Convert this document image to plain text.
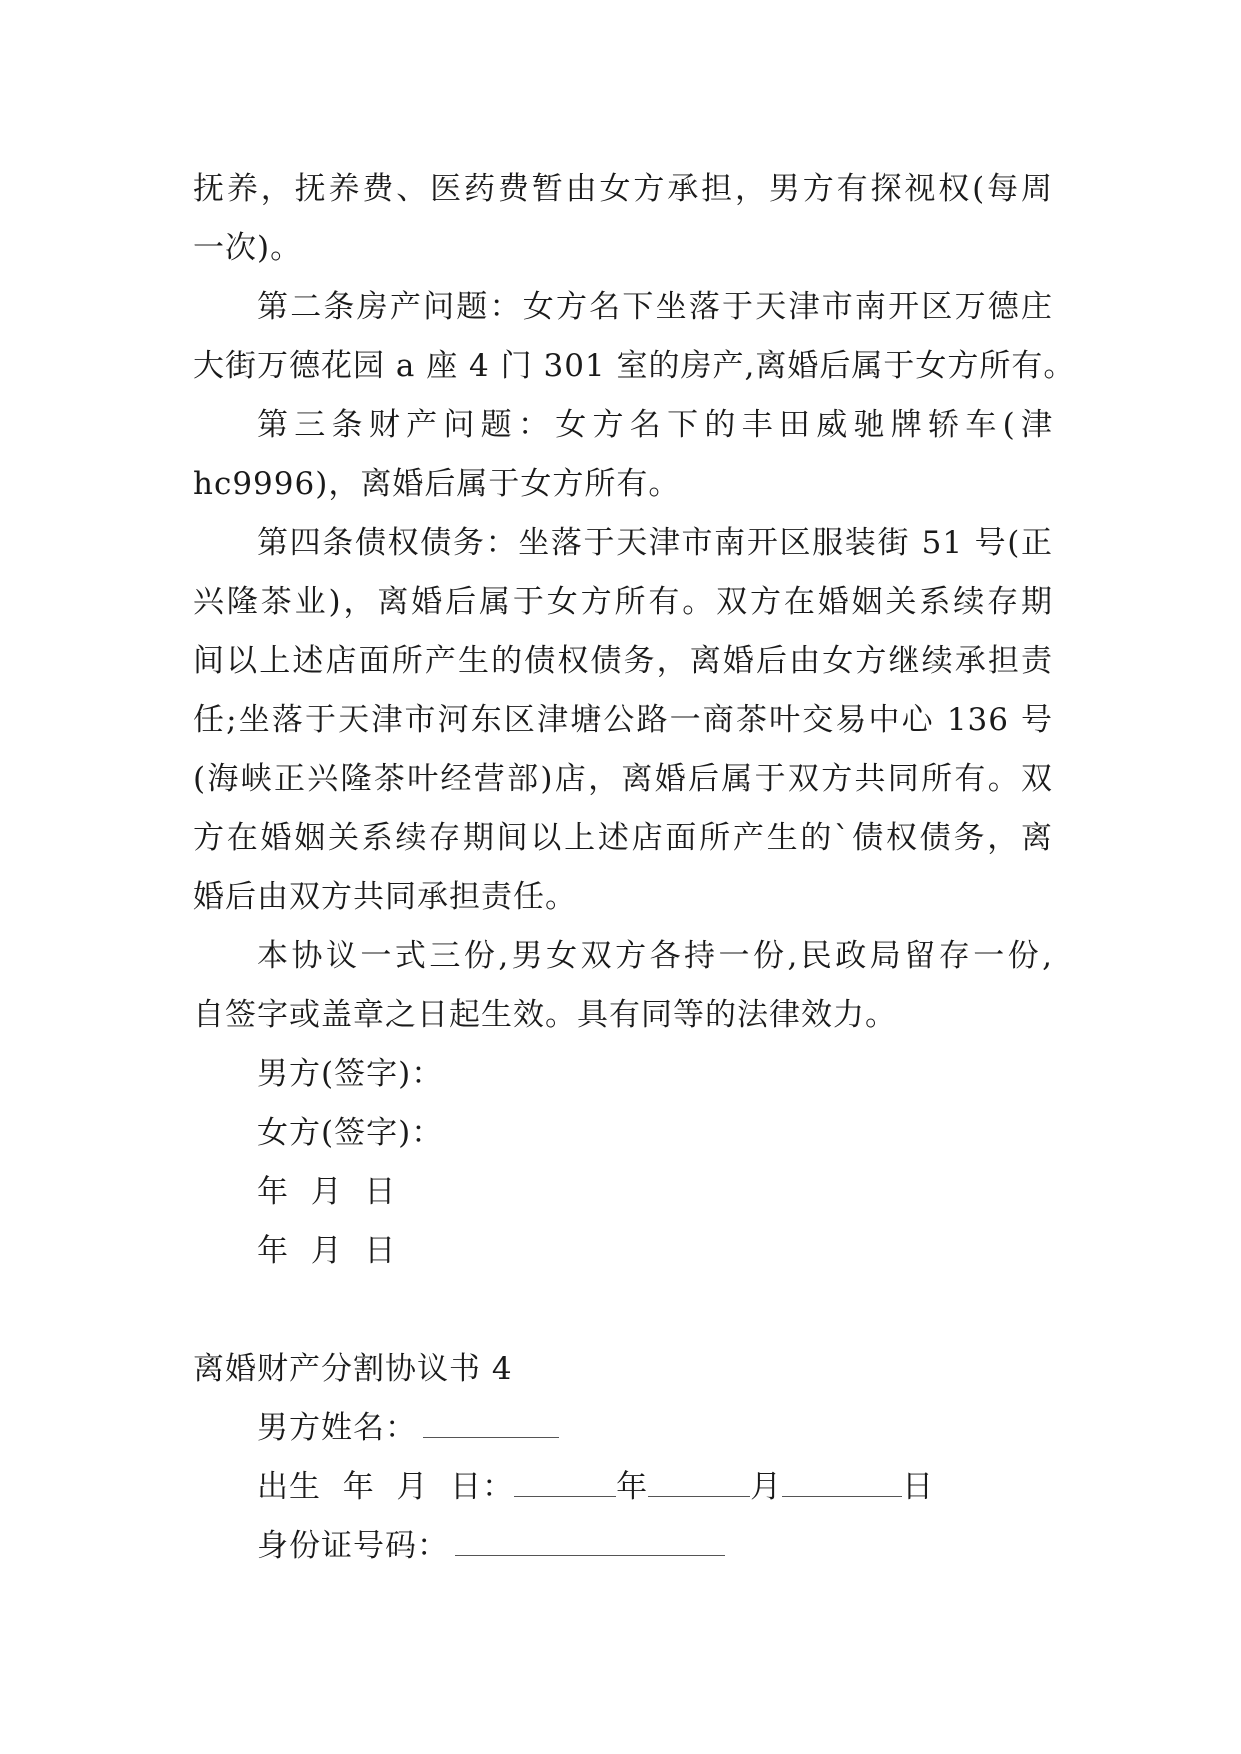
抚养，抚养费、医药费暂由女方承担，男方有探视权(每周
一次)。
第二条房产问题：女方名下坐落于天津市南开区万德庄
大街万德花园 a 座 4 门 301 室的房产,离婚后属于女方所有。
第三条财产问题：女方名下的丰田威驰牌轿车(津
hc9996)，离婚后属于女方所有。
第四条债权债务：坐落于天津市南开区服装街 51 号(正
兴隆茶业)，离婚后属于女方所有。双方在婚姻关系续存期
间以上述店面所产生的债权债务，离婚后由女方继续承担责
任;坐落于天津市河东区津塘公路一商茶叶交易中心 136 号
(海峡正兴隆茶叶经营部)店，离婚后属于双方共同所有。双
方在婚姻关系续存期间以上述店面所产生的`债权债务，离
婚后由双方共同承担责任。
本协议一式三份,男女双方各持一份,民政局留存一份,
自签字或盖章之日起生效。具有同等的法律效力。
男方(签字)：
女方(签字)：
年  月  日
年  月  日
离婚财产分割协议书 4
男方姓名：
出生  年  月  日：	年	月	日
身份证号码：
